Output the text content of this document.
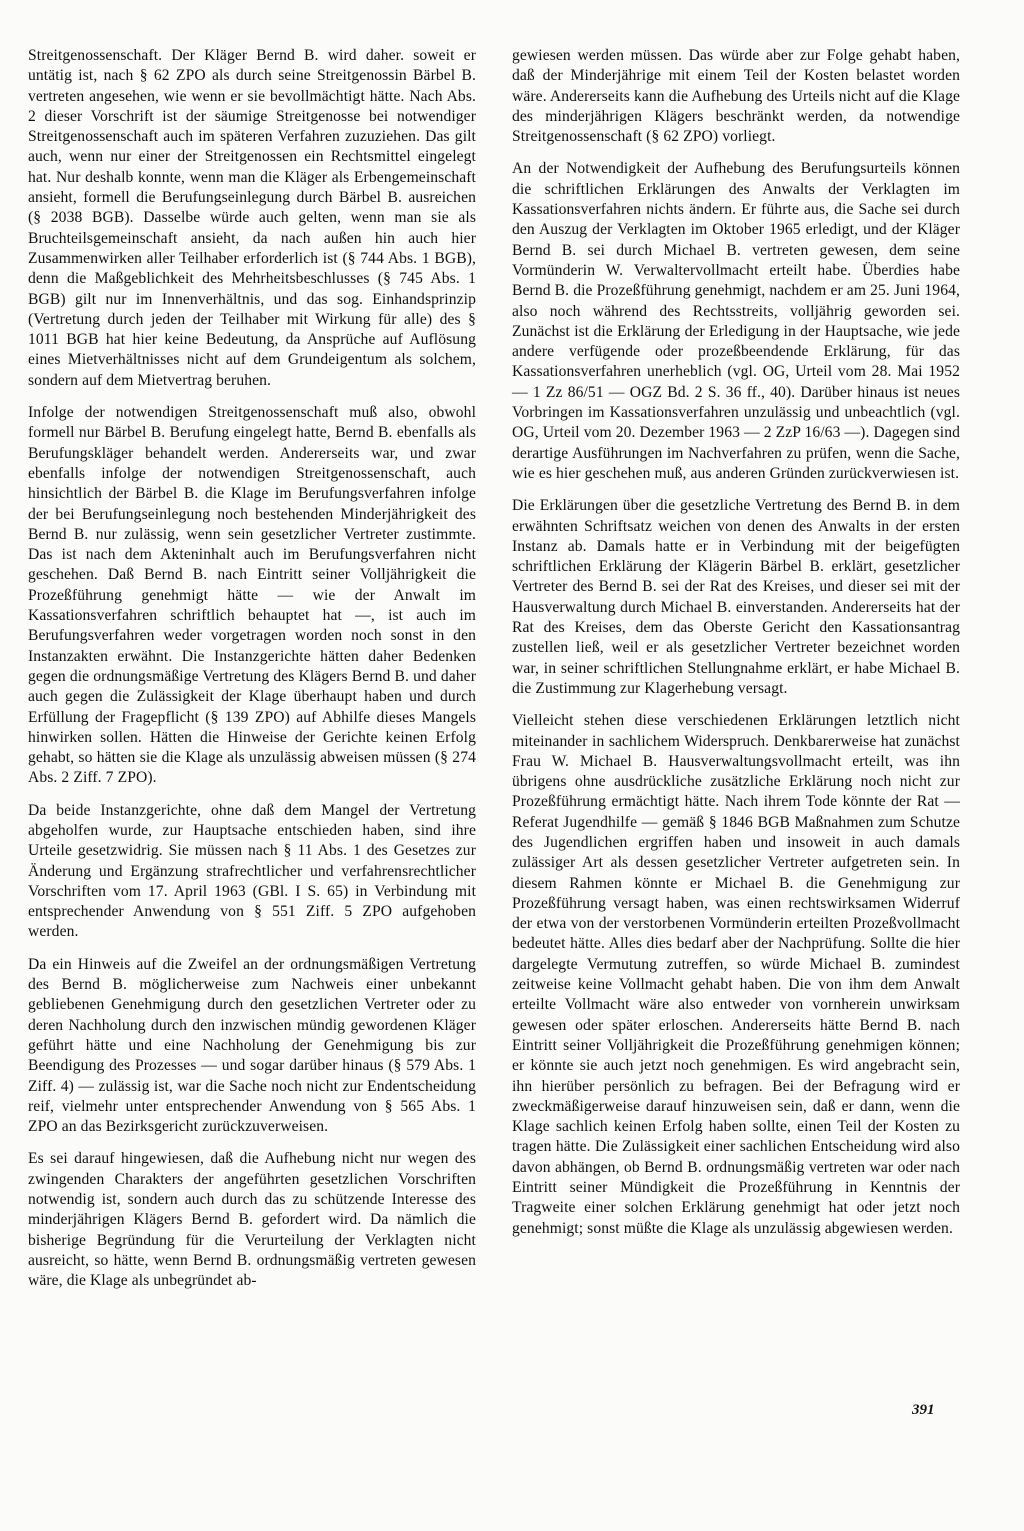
Streitgenossenschaft. Der Kläger Bernd B. wird daher. soweit er untätig ist, nach § 62 ZPO als durch seine Streitgenossin Bärbel B. vertreten angesehen, wie wenn er sie bevollmächtigt hätte. Nach Abs. 2 dieser Vorschrift ist der säumige Streitgenosse bei notwendiger Streitgenossenschaft auch im späteren Verfahren zuzuziehen. Das gilt auch, wenn nur einer der Streitgenossen ein Rechtsmittel eingelegt hat. Nur deshalb konnte, wenn man die Kläger als Erbengemeinschaft ansieht, formell die Berufungseinlegung durch Bärbel B. ausreichen (§ 2038 BGB). Dasselbe würde auch gelten, wenn man sie als Bruchteilsgemeinschaft ansieht, da nach außen hin auch hier Zusammenwirken aller Teilhaber erforderlich ist (§ 744 Abs. 1 BGB), denn die Maßgeblichkeit des Mehrheitsbeschlusses (§ 745 Abs. 1 BGB) gilt nur im Innenverhältnis, und das sog. Einhandsprinzip (Vertretung durch jeden der Teilhaber mit Wirkung für alle) des § 1011 BGB hat hier keine Bedeutung, da Ansprüche auf Auflösung eines Mietverhältnisses nicht auf dem Grundeigentum als solchem, sondern auf dem Mietvertrag beruhen.

Infolge der notwendigen Streitgenossenschaft muß also, obwohl formell nur Bärbel B. Berufung eingelegt hatte, Bernd B. ebenfalls als Berufungskläger behandelt werden. Andererseits war, und zwar ebenfalls infolge der notwendigen Streitgenossenschaft, auch hinsichtlich der Bärbel B. die Klage im Berufungsverfahren infolge der bei Berufungseinlegung noch bestehenden Minderjährigkeit des Bernd B. nur zulässig, wenn sein gesetzlicher Vertreter zustimmte. Das ist nach dem Akteninhalt auch im Berufungsverfahren nicht geschehen. Daß Bernd B. nach Eintritt seiner Volljährigkeit die Prozeßführung genehmigt hätte — wie der Anwalt im Kassationsverfahren schriftlich behauptet hat —, ist auch im Berufungsverfahren weder vorgetragen worden noch sonst in den Instanzakten erwähnt. Die Instanzgerichte hätten daher Bedenken gegen die ordnungsmäßige Vertretung des Klägers Bernd B. und daher auch gegen die Zulässigkeit der Klage überhaupt haben und durch Erfüllung der Fragepflicht (§ 139 ZPO) auf Abhilfe dieses Mangels hinwirken sollen. Hätten die Hinweise der Gerichte keinen Erfolg gehabt, so hätten sie die Klage als unzulässig abweisen müssen (§ 274 Abs. 2 Ziff. 7 ZPO).

Da beide Instanzgerichte, ohne daß dem Mangel der Vertretung abgeholfen wurde, zur Hauptsache entschieden haben, sind ihre Urteile gesetzwidrig. Sie müssen nach § 11 Abs. 1 des Gesetzes zur Änderung und Ergänzung strafrechtlicher und verfahrensrechtlicher Vorschriften vom 17. April 1963 (GBl. I S. 65) in Verbindung mit entsprechender Anwendung von § 551 Ziff. 5 ZPO aufgehoben werden.

Da ein Hinweis auf die Zweifel an der ordnungsmäßigen Vertretung des Bernd B. möglicherweise zum Nachweis einer unbekannt gebliebenen Genehmigung durch den gesetzlichen Vertreter oder zu deren Nachholung durch den inzwischen mündig gewordenen Kläger geführt hätte und eine Nachholung der Genehmigung bis zur Beendigung des Prozesses — und sogar darüber hinaus (§ 579 Abs. 1 Ziff. 4) — zulässig ist, war die Sache noch nicht zur Endentscheidung reif, vielmehr unter entsprechender Anwendung von § 565 Abs. 1 ZPO an das Bezirksgericht zurückzuverweisen.

Es sei darauf hingewiesen, daß die Aufhebung nicht nur wegen des zwingenden Charakters der angeführten gesetzlichen Vorschriften notwendig ist, sondern auch durch das zu schützende Interesse des minderjährigen Klägers Bernd B. gefordert wird. Da nämlich die bisherige Begründung für die Verurteilung der Verklagten nicht ausreicht, so hätte, wenn Bernd B. ordnungsmäßig vertreten gewesen wäre, die Klage als unbegründet ab-

gewiesen werden müssen. Das würde aber zur Folge gehabt haben, daß der Minderjährige mit einem Teil der Kosten belastet worden wäre. Andererseits kann die Aufhebung des Urteils nicht auf die Klage des minderjährigen Klägers beschränkt werden, da notwendige Streitgenossenschaft (§ 62 ZPO) vorliegt.

An der Notwendigkeit der Aufhebung des Berufungsurteils können die schriftlichen Erklärungen des Anwalts der Verklagten im Kassationsverfahren nichts ändern. Er führte aus, die Sache sei durch den Auszug der Verklagten im Oktober 1965 erledigt, und der Kläger Bernd B. sei durch Michael B. vertreten gewesen, dem seine Vormünderin W. Verwaltervollmacht erteilt habe. Überdies habe Bernd B. die Prozeßführung genehmigt, nachdem er am 25. Juni 1964, also noch während des Rechtsstreits, volljährig geworden sei. Zunächst ist die Erklärung der Erledigung in der Hauptsache, wie jede andere verfügende oder prozeßbeendende Erklärung, für das Kassationsverfahren unerheblich (vgl. OG, Urteil vom 28. Mai 1952 — 1 Zz 86/51 — OGZ Bd. 2 S. 36 ff., 40). Darüber hinaus ist neues Vorbringen im Kassationsverfahren unzulässig und unbeachtlich (vgl. OG, Urteil vom 20. Dezember 1963 — 2 ZzP 16/63 —). Dagegen sind derartige Ausführungen im Nachverfahren zu prüfen, wenn die Sache, wie es hier geschehen muß, aus anderen Gründen zurückverwiesen ist.

Die Erklärungen über die gesetzliche Vertretung des Bernd B. in dem erwähnten Schriftsatz weichen von denen des Anwalts in der ersten Instanz ab. Damals hatte er in Verbindung mit der beigefügten schriftlichen Erklärung der Klägerin Bärbel B. erklärt, gesetzlicher Vertreter des Bernd B. sei der Rat des Kreises, und dieser sei mit der Hausverwaltung durch Michael B. einverstanden. Andererseits hat der Rat des Kreises, dem das Oberste Gericht den Kassationsantrag zustellen ließ, weil er als gesetzlicher Vertreter bezeichnet worden war, in seiner schriftlichen Stellungnahme erklärt, er habe Michael B. die Zustimmung zur Klagerhebung versagt.

Vielleicht stehen diese verschiedenen Erklärungen letztlich nicht miteinander in sachlichem Widerspruch. Denkbarerweise hat zunächst Frau W. Michael B. Hausverwaltungsvollmacht erteilt, was ihn übrigens ohne ausdrückliche zusätzliche Erklärung noch nicht zur Prozeßführung ermächtigt hätte. Nach ihrem Tode könnte der Rat — Referat Jugendhilfe — gemäß § 1846 BGB Maßnahmen zum Schutze des Jugendlichen ergriffen haben und insoweit in auch damals zulässiger Art als dessen gesetzlicher Vertreter aufgetreten sein. In diesem Rahmen könnte er Michael B. die Genehmigung zur Prozeßführung versagt haben, was einen rechtswirksamen Widerruf der etwa von der verstorbenen Vormünderin erteilten Prozeßvollmacht bedeutet hätte. Alles dies bedarf aber der Nachprüfung. Sollte die hier dargelegte Vermutung zutreffen, so würde Michael B. zumindest zeitweise keine Vollmacht gehabt haben. Die von ihm dem Anwalt erteilte Vollmacht wäre also entweder von vornherein unwirksam gewesen oder später erloschen. Andererseits hätte Bernd B. nach Eintritt seiner Volljährigkeit die Prozeßführung genehmigen können; er könnte sie auch jetzt noch genehmigen. Es wird angebracht sein, ihn hierüber persönlich zu befragen. Bei der Befragung wird er zweckmäßigerweise darauf hinzuweisen sein, daß er dann, wenn die Klage sachlich keinen Erfolg haben sollte, einen Teil der Kosten zu tragen hätte. Die Zulässigkeit einer sachlichen Entscheidung wird also davon abhängen, ob Bernd B. ordnungsmäßig vertreten war oder nach Eintritt seiner Mündigkeit die Prozeßführung in Kenntnis der Tragweite einer solchen Erklärung genehmigt hat oder jetzt noch genehmigt; sonst müßte die Klage als unzulässig abgewiesen werden.

391
